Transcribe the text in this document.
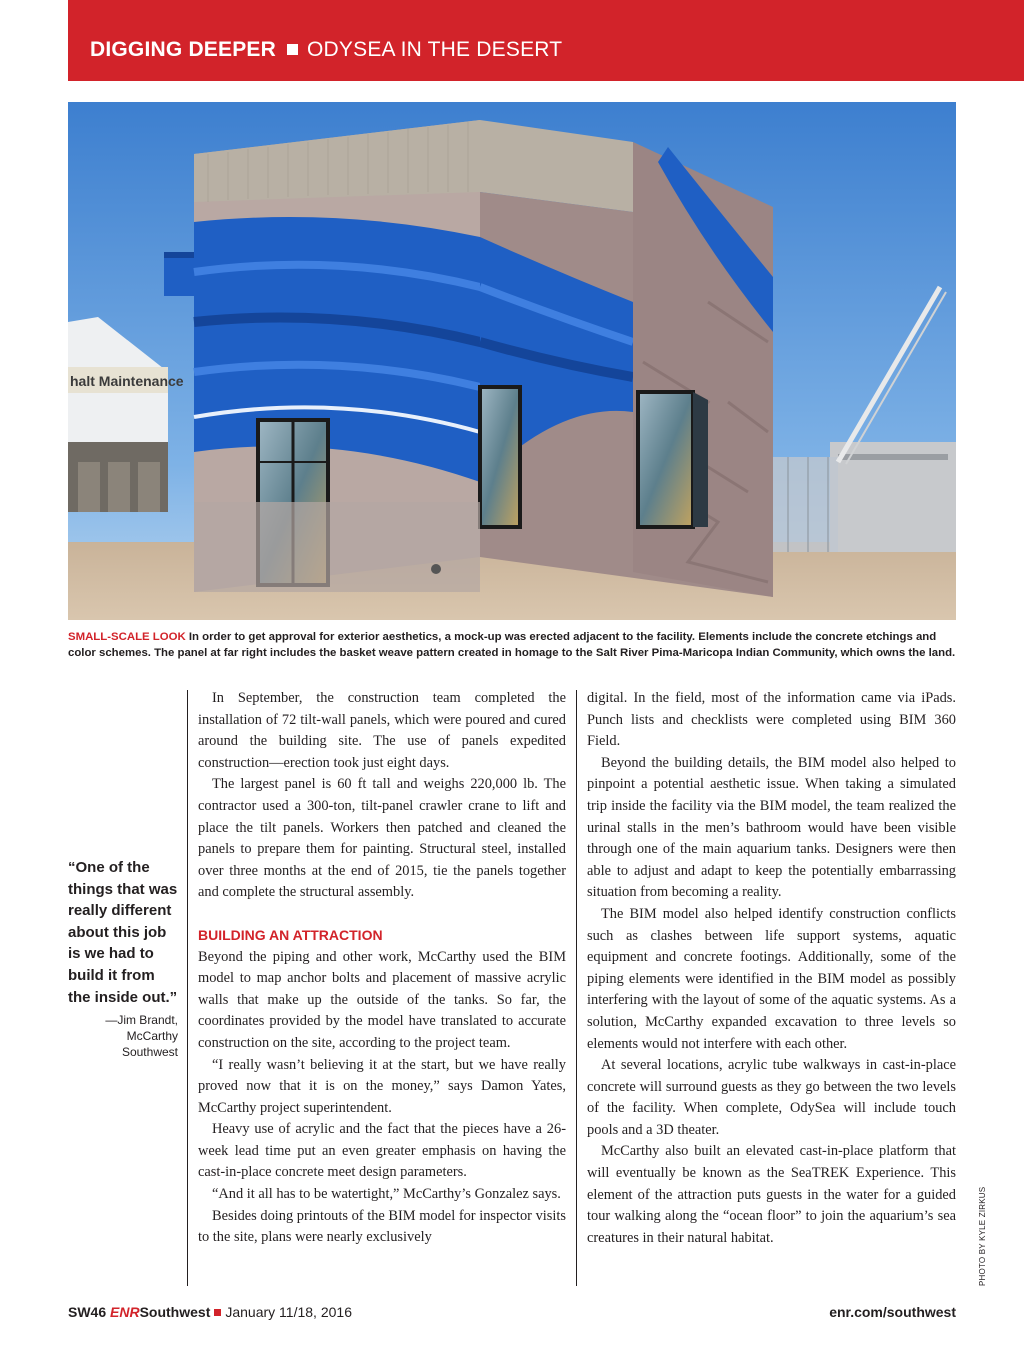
DIGGING DEEPER ODYSEA IN THE DESERT
halt Maintenance
SMALL-SCALE LOOK In order to get approval for exterior aesthetics, a mock-up was erected adjacent to the facility. Elements include the concrete etchings and color schemes. The panel at far right includes the basket weave pattern created in homage to the Salt River Pima-Maricopa Indian Community, which owns the land.
“One of the things that was really different about this job is we had to build it from the inside out.”
—Jim Brandt, McCarthy Southwest

In September, the construction team completed the installation of 72 tilt-wall panels, which were poured and cured around the building site. The use of panels expedited construction—erection took just eight days.

The largest panel is 60 ft tall and weighs 220,000 lb. The contractor used a 300-ton, tilt-panel crawler crane to lift and place the tilt panels. Workers then patched and cleaned the panels to prepare them for painting. Structural steel, installed over three months at the end of 2015, tie the panels together and complete the structural assembly.

BUILDING AN ATTRACTION

Beyond the piping and other work, McCarthy used the BIM model to map anchor bolts and placement of massive acrylic walls that make up the outside of the tanks. So far, the coordinates provided by the model have translated to accurate construction on the site, according to the project team.

“I really wasn’t believing it at the start, but we have really proved now that it is on the money,” says Damon Yates, McCarthy project superintendent.

Heavy use of acrylic and the fact that the pieces have a 26-week lead time put an even greater emphasis on having the cast-in-place concrete meet design parameters.

“And it all has to be watertight,” McCarthy’s Gonzalez says.

Besides doing printouts of the BIM model for inspector visits to the site, plans were nearly exclusively

digital. In the field, most of the information came via iPads. Punch lists and checklists were completed using BIM 360 Field.

Beyond the building details, the BIM model also helped to pinpoint a potential aesthetic issue. When taking a simulated trip inside the facility via the BIM model, the team realized the urinal stalls in the men’s bathroom would have been visible through one of the main aquarium tanks. Designers were then able to adjust and adapt to keep the potentially embarrassing situation from becoming a reality.

The BIM model also helped identify construction conflicts such as clashes between life support systems, aquatic equipment and concrete footings. Additionally, some of the piping elements were identified in the BIM model as possibly interfering with the layout of some of the aquatic systems. As a solution, McCarthy expanded excavation to three levels so elements would not interfere with each other.

At several locations, acrylic tube walkways in cast-in-place concrete will surround guests as they go between the two levels of the facility. When complete, OdySea will include touch pools and a 3D theater.

McCarthy also built an elevated cast-in-place platform that will eventually be known as the SeaTREK Experience. This element of the attraction puts guests in the water for a guided tour walking along the “ocean floor” to join the aquarium’s sea creatures in their natural habitat.	PHOTO BY KYLE ZIRKUS
SW46 ENRSouthwest January 11/18, 2016	enr.com/southwest
